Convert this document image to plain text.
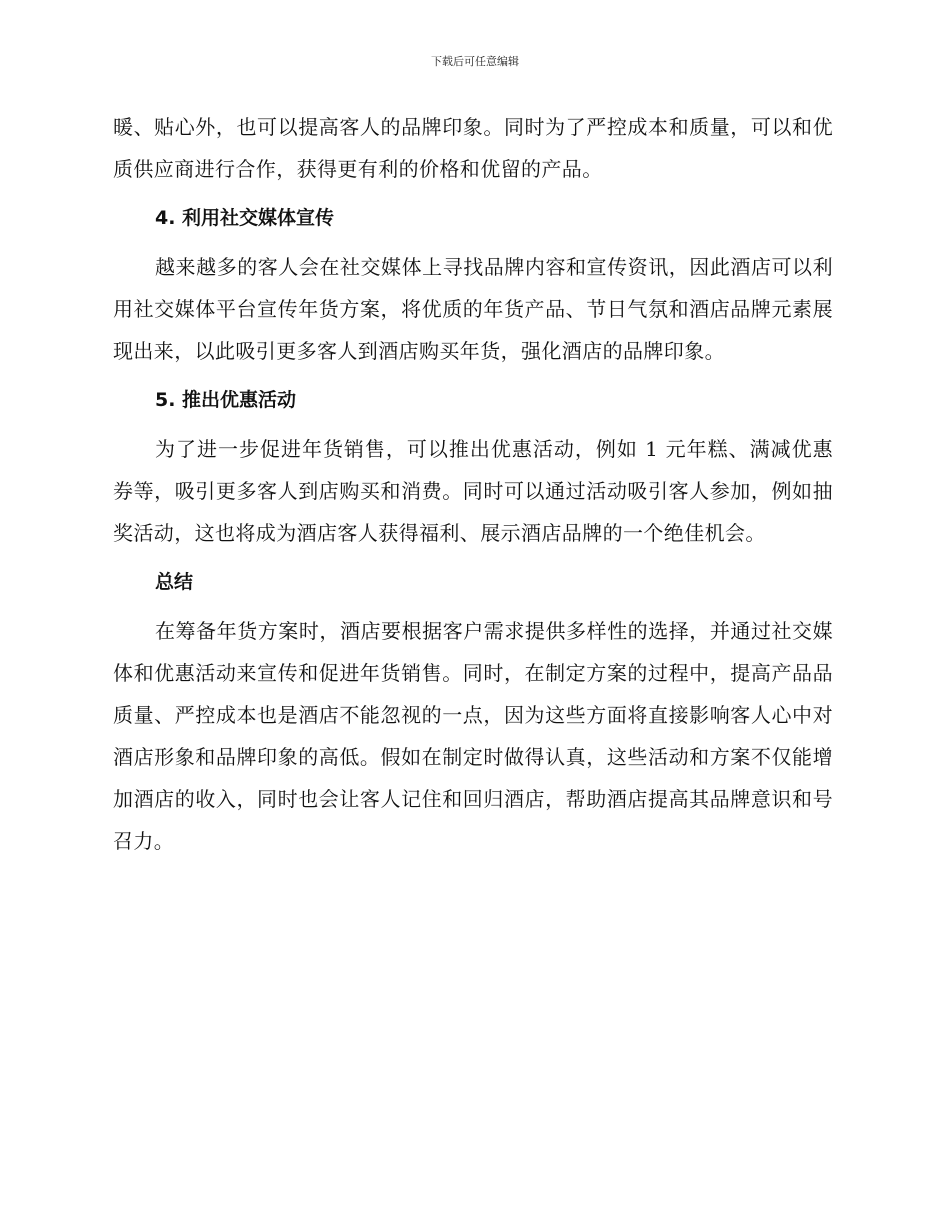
下载后可任意编辑

暖、贴心外，也可以提高客人的品牌印象。同时为了严控成本和质量，可以和优质供应商进行合作，获得更有利的价格和优留的产品。

4. 利用社交媒体宣传

越来越多的客人会在社交媒体上寻找品牌内容和宣传资讯，因此酒店可以利用社交媒体平台宣传年货方案，将优质的年货产品、节日气氛和酒店品牌元素展现出来，以此吸引更多客人到酒店购买年货，强化酒店的品牌印象。

5. 推出优惠活动

为了进一步促进年货销售，可以推出优惠活动，例如 1 元年糕、满减优惠券等，吸引更多客人到店购买和消费。同时可以通过活动吸引客人参加，例如抽奖活动，这也将成为酒店客人获得福利、展示酒店品牌的一个绝佳机会。

总结

在筹备年货方案时，酒店要根据客户需求提供多样性的选择，并通过社交媒体和优惠活动来宣传和促进年货销售。同时，在制定方案的过程中，提高产品品质量、严控成本也是酒店不能忽视的一点，因为这些方面将直接影响客人心中对酒店形象和品牌印象的高低。假如在制定时做得认真，这些活动和方案不仅能增加酒店的收入，同时也会让客人记住和回归酒店，帮助酒店提高其品牌意识和号召力。
